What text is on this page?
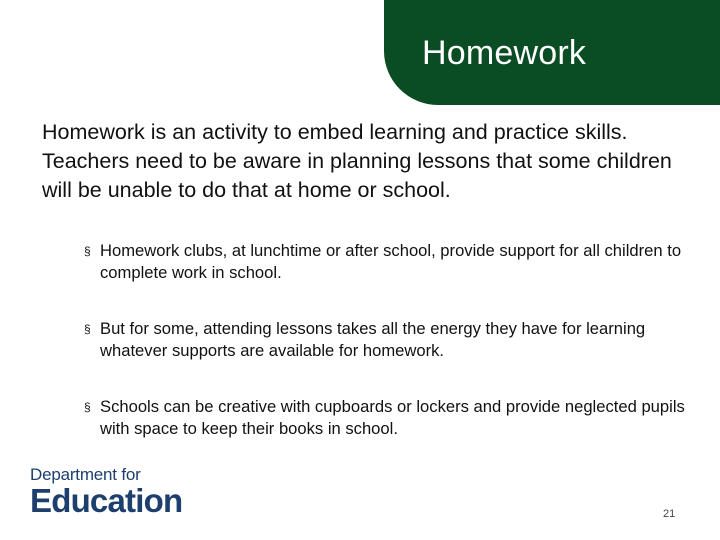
Homework
Homework is an activity to embed learning and practice skills. Teachers need to be aware in planning lessons that some children will be unable to do that at home or school.
§ Homework clubs, at lunchtime or after school, provide support for all children to complete work in school.
§ But for some, attending lessons takes all the energy they have for learning whatever supports are available for homework.
§ Schools can be creative with cupboards or lockers and provide neglected pupils with space to keep their books in school.
Department for
Education	21
